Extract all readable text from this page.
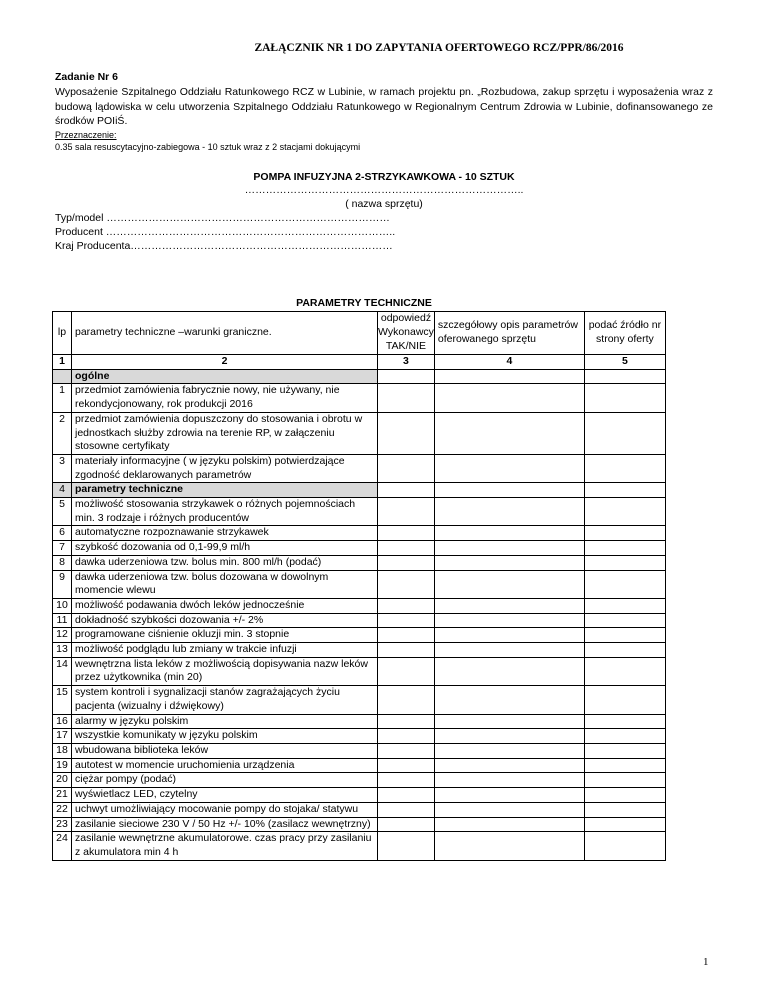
ZAŁĄCZNIK NR 1 DO ZAPYTANIA OFERTOWEGO RCZ/PPR/86/2016
Zadanie Nr 6
Wyposażenie Szpitalnego Oddziału Ratunkowego RCZ w Lubinie, w ramach projektu pn. „Rozbudowa, zakup sprzętu i wyposażenia wraz z budową lądowiska w celu utworzenia Szpitalnego Oddziału Ratunkowego w Regionalnym Centrum Zdrowia w Lubinie, dofinansowanego ze środków POIiŚ.
Przeznaczenie:
0.35 sala resuscytacyjno-zabiegowa - 10 sztuk wraz z 2 stacjami dokującymi
POMPA INFUZYJNA 2-STRZYKAWKOWA - 10 SZTUK
……………………………………………………………………..
( nazwa sprzętu)
Typ/model ………………………………………………………………………
Producent ………………………………………………………………………..
Kraj Producenta…………………………………………………………………
PARAMETRY TECHNICZNE
lp	parametry techniczne –warunki graniczne.	odpowiedź Wykonawcy TAK/NIE	szczegółowy opis parametrów oferowanego sprzętu	podać źródło nr strony oferty
1	2	3	4	5
	ogólne			
1	przedmiot zamówienia fabrycznie nowy, nie używany, nie rekondycjonowany, rok produkcji 2016			
2	przedmiot zamówienia dopuszczony do stosowania i obrotu w jednostkach służby zdrowia na terenie RP, w załączeniu stosowne certyfikaty			
3	materiały informacyjne ( w języku polskim) potwierdzające zgodność deklarowanych parametrów			
4	parametry techniczne			
5	możliwość stosowania strzykawek o różnych pojemnościach min. 3 rodzaje i różnych producentów			
6	automatyczne rozpoznawanie strzykawek			
7	szybkość dozowania od 0,1-99,9 ml/h			
8	dawka uderzeniowa tzw. bolus min. 800 ml/h (podać)			
9	dawka uderzeniowa tzw. bolus dozowana w dowolnym momencie wlewu			
10	możliwość podawania dwóch leków jednocześnie			
11	dokładność szybkości dozowania +/- 2%			
12	programowane ciśnienie okluzji min. 3 stopnie			
13	możliwość podglądu lub zmiany w trakcie infuzji			
14	wewnętrzna lista leków z możliwością dopisywania nazw leków przez użytkownika (min 20)			
15	system kontroli i sygnalizacji stanów zagrażających życiu pacjenta (wizualny i dźwiękowy)			
16	alarmy w języku polskim			
17	wszystkie komunikaty w języku polskim			
18	wbudowana biblioteka leków			
19	autotest w momencie uruchomienia urządzenia			
20	ciężar pompy (podać)			
21	wyświetlacz LED, czytelny			
22	uchwyt umożliwiający mocowanie pompy do stojaka/ statywu			
23	zasilanie sieciowe 230 V / 50 Hz +/- 10% (zasilacz wewnętrzny)			
24	zasilanie wewnętrzne akumulatorowe. czas pracy przy zasilaniu z akumulatora min 4 h			
1
